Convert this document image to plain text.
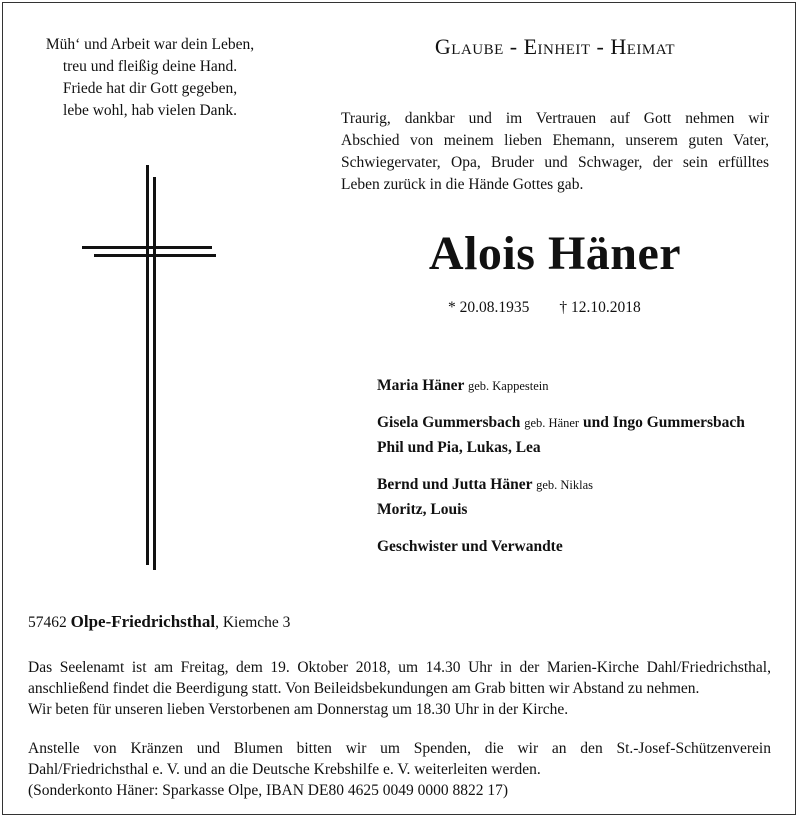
Müh‘ und Arbeit war dein Leben,
treu und fleißig deine Hand.
Friede hat dir Gott gegeben,
lebe wohl, hab vielen Dank.
Glaube - Einheit - Heimat
Traurig, dankbar und im Vertrauen auf Gott nehmen wir
Abschied von meinem lieben Ehemann, unserem guten Vater,
Schwiegervater, Opa, Bruder und Schwager, der sein erfülltes
Leben zurück in die Hände Gottes gab.
Alois Häner
* 20.08.1935 † 12.10.2018
Maria Häner geb. Kappestein
Gisela Gummersbach geb. Häner und Ingo Gummersbach
Phil und Pia, Lukas, Lea
Bernd und Jutta Häner geb. Niklas
Moritz, Louis
Geschwister und Verwandte
57462 Olpe-Friedrichsthal, Kiemche 3
Das Seelenamt ist am Freitag, dem 19. Oktober 2018, um 14.30 Uhr in der Marien-Kirche Dahl/Friedrichsthal,
anschließend findet die Beerdigung statt. Von Beileidsbekundungen am Grab bitten wir Abstand zu nehmen.
Wir beten für unseren lieben Verstorbenen am Donnerstag um 18.30 Uhr in der Kirche.
Anstelle von Kränzen und Blumen bitten wir um Spenden, die wir an den St.-Josef-Schützenverein
Dahl/Friedrichsthal e. V. und an die Deutsche Krebshilfe e. V. weiterleiten werden.
(Sonderkonto Häner: Sparkasse Olpe, IBAN DE80 4625 0049 0000 8822 17)
